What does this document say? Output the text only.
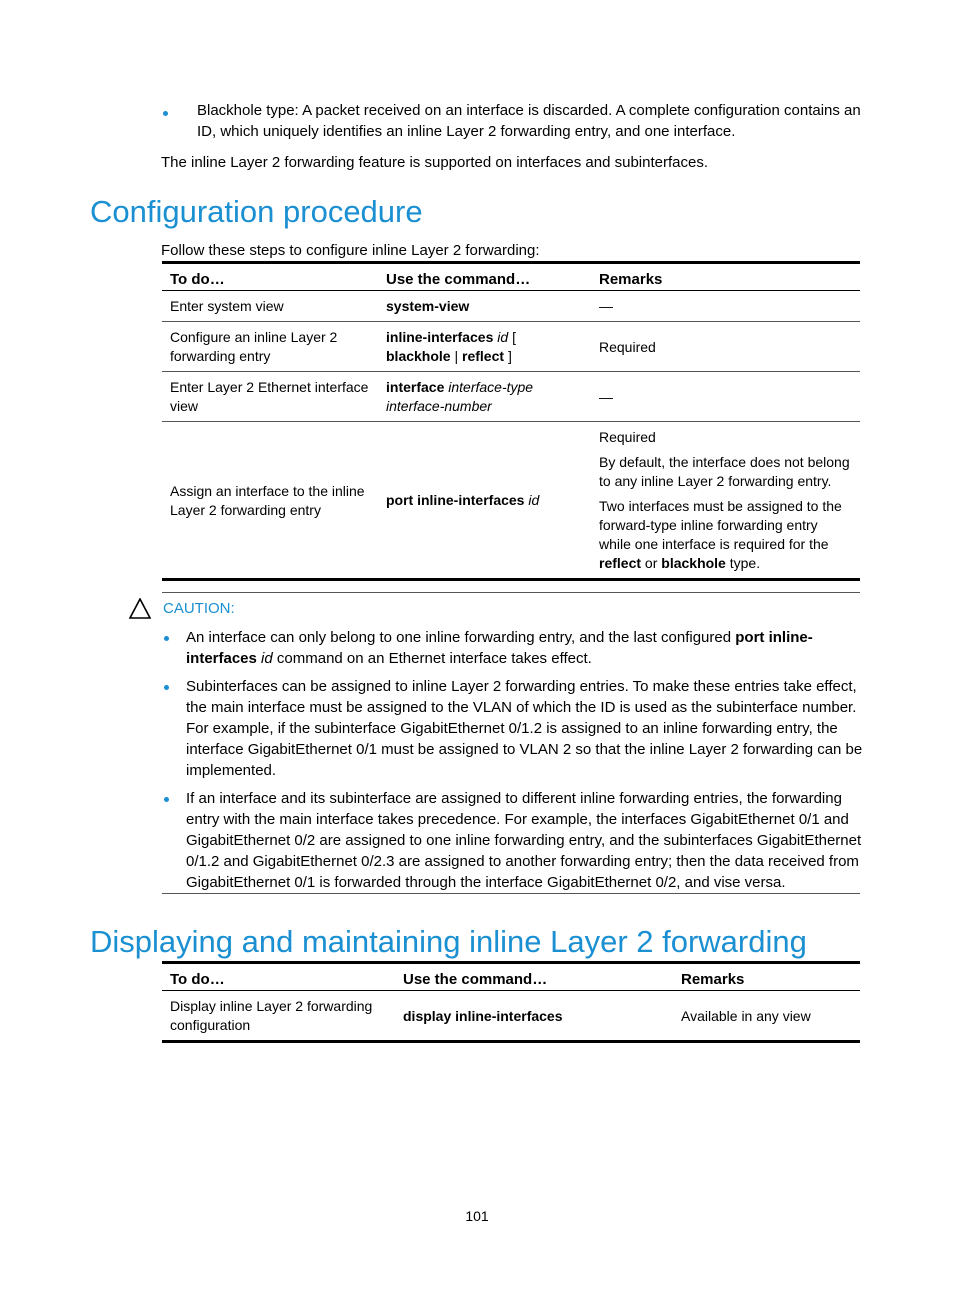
Blackhole type: A packet received on an interface is discarded. A complete configuration contains an ID, which uniquely identifies an inline Layer 2 forwarding entry, and one interface.
The inline Layer 2 forwarding feature is supported on interfaces and subinterfaces.
Configuration procedure
Follow these steps to configure inline Layer 2 forwarding:
To do…	Use the command…	Remarks
Enter system view	system-view	—
Configure an inline Layer 2 forwarding entry	inline-interfaces id [ blackhole | reflect ]	Required
Enter Layer 2 Ethernet interface view	interface interface-type interface-number	—
Assign an interface to the inline Layer 2 forwarding entry	port inline-interfaces id	Required

By default, the interface does not belong to any inline Layer 2 forwarding entry.

Two interfaces must be assigned to the forward-type inline forwarding entry while one interface is required for the reflect or blackhole type.

CAUTION:
An interface can only belong to one inline forwarding entry, and the last configured port inline-interfaces id command on an Ethernet interface takes effect.
Subinterfaces can be assigned to inline Layer 2 forwarding entries. To make these entries take effect, the main interface must be assigned to the VLAN of which the ID is used as the subinterface number. For example, if the subinterface GigabitEthernet 0/1.2 is assigned to an inline forwarding entry, the interface GigabitEthernet 0/1 must be assigned to VLAN 2 so that the inline Layer 2 forwarding can be implemented.
If an interface and its subinterface are assigned to different inline forwarding entries, the forwarding entry with the main interface takes precedence. For example, the interfaces GigabitEthernet 0/1 and GigabitEthernet 0/2 are assigned to one inline forwarding entry, and the subinterfaces GigabitEthernet 0/1.2 and GigabitEthernet 0/2.3 are assigned to another forwarding entry; then the data received from GigabitEthernet 0/1 is forwarded through the interface GigabitEthernet 0/2, and vise versa.
Displaying and maintaining inline Layer 2 forwarding
To do…	Use the command…	Remarks
Display inline Layer 2 forwarding configuration	display inline-interfaces	Available in any view
101
